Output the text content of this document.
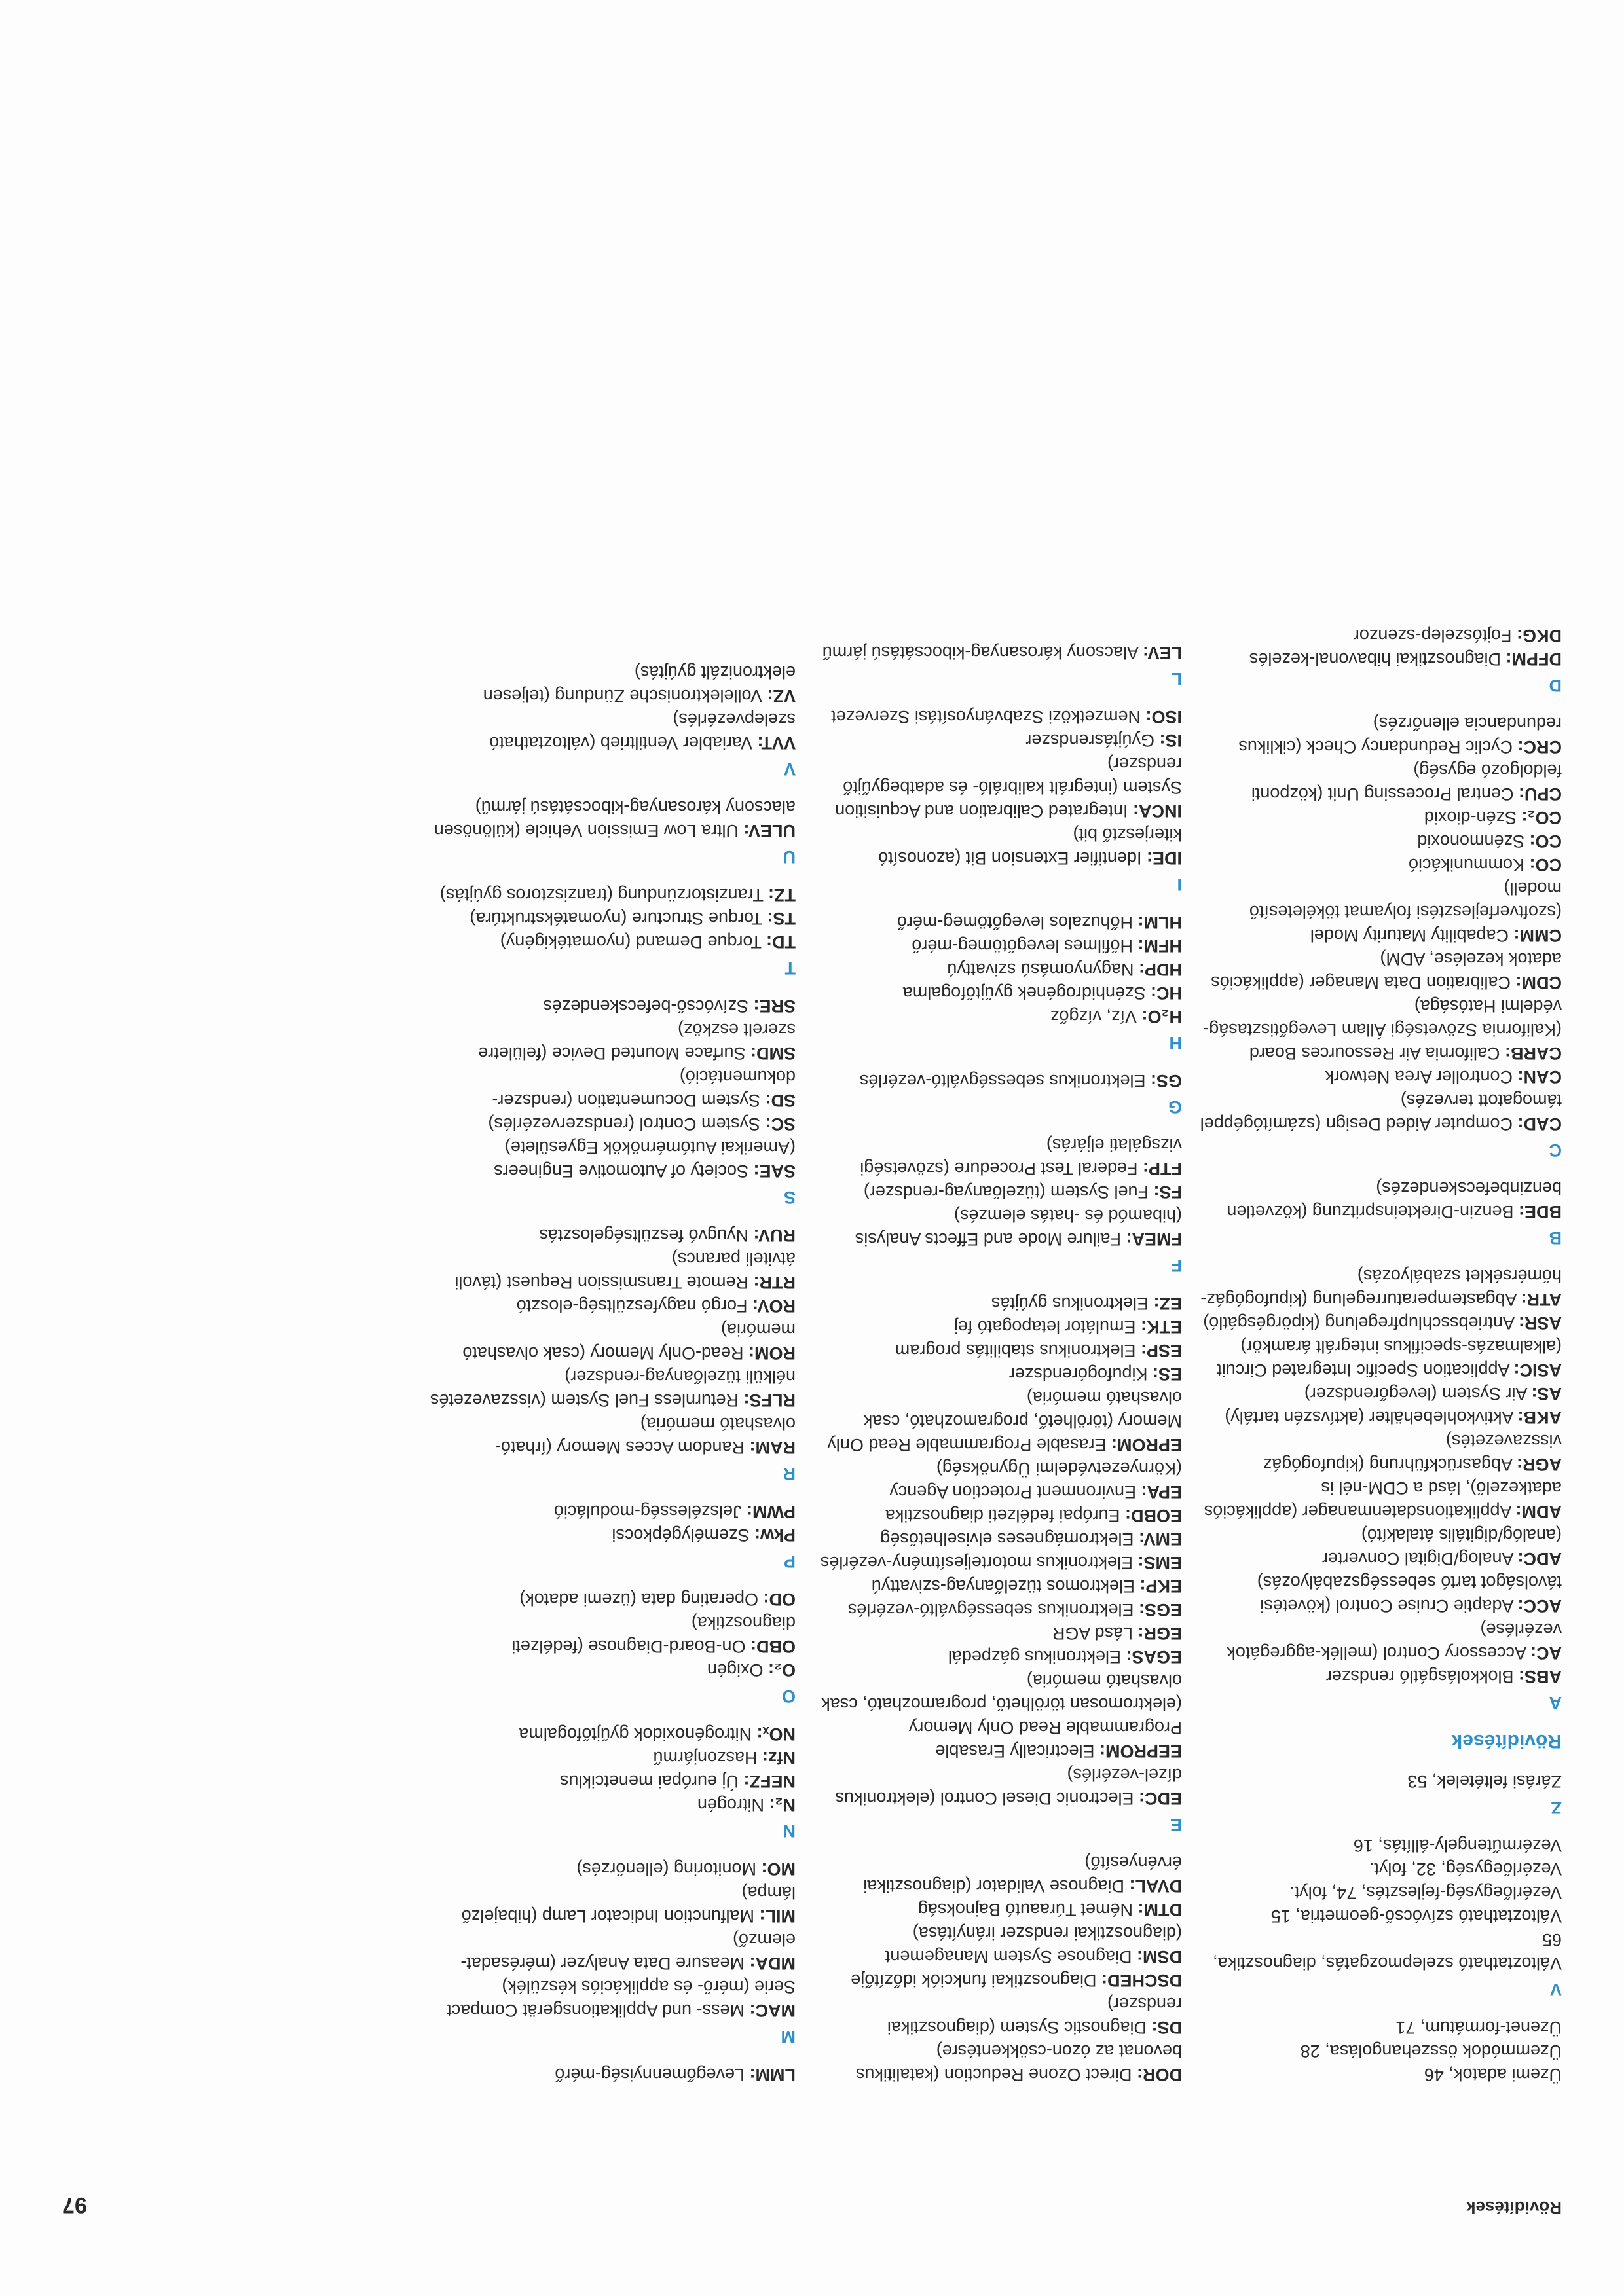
Rövidítések
97

Üzemi adatok, 46

Üzemmódok összehangolása, 28

Üzenet-formátum, 71

V

Változtatható szelepmozgatás, diagnosztika, 65

Változtatható szívócső-geometria, 15

Vezérlőegység-fejlesztés, 74, folyt.

Vezérlőegység, 32, folyt.

Vezérműtengely-állítás, 16

Z

Zárási feltételek, 53

Rövidítések
A

ABS: Blokkolásgátló rendszer

AC: Accessory Control (mellék-aggregátok vezérlése)

ACC: Adaptie Cruise Control (követési távolságot tartó sebességszabályozás)

ADC: Analog/Digital Converter (analóg/digitális átalakító)

ADM: Applikationsdatenmanager (applikációs adatkezelő), lásd a CDM-nél is

AGR: Abgasrückführung (kipufogógáz visszavezetés)

AKB: Aktivkohlebehälter (aktívszén tartály)

AS: Air System (levegőrendszer)

ASIC: Application Specific Integrated Circuit (alkalmazás-specifikus integrált áramkör)

ASR: Antriebsschlupfregelung (kipörgésgátló)

ATR: Abgastemperaturregelung (kipufogógáz-hőmérséklet szabályozás)

B

BDE: Benzin-Direkteinspritzung (közvetlen benzinbefecskendezés)

C

CAD: Computer Aided Design (számítógéppel támogatott tervezés)

CAN: Controller Area Network

CARB: California Air Ressources Board (Kalifornia Szövetségi Állam Levegőtisztaság-védelmi Hatósága)

CDM: Calibration Data Manager (applikációs adatok kezelése, ADM)

CMM: Capability Maturity Model (szoftverfejlesztési folyamat tökéletesítő modell)

CO: Kommunikáció

CO: Szénmonoxid

CO₂: Szén-dioxid

CPU: Central Processing Unit (központi feldolgozó egység)

CRC: Cyclic Redundancy Check (ciklikus redundancia ellenőrzés)

D

DFPM: Diagnosztikai hibavonal-kezelés

DKG: Fojtószelep-szenzor

DOR: Direct Ozone Reduction (katalitikus bevonat az ózon-csökkentésre)

DS: Diagnostic System (diagnosztikai rendszer)

DSCHED: Diagnosztikai funkciók időzítője

DSM: Diagnose System Management (diagnosztikai rendszer irányítása)

DTM: Német Túraautó Bajnokság

DVAL: Diagnose Validator (diagnosztikai érvényesítő)

E

EDC: Electronic Diesel Control (elektronikus dízel-vezérlés)

EEPROM: Electrically Erasable Programmable Read Only Memory (elektromosan törölhető, programozható, csak olvasható memória)

EGAS: Elektronikus gázpedál

EGR: Lásd AGR

EGS: Elektronikus sebességváltó-vezérlés

EKP: Elektromos tüzelőanyag-szivattyú

EMS: Elektronikus motorteljesítmény-vezérlés

EMV: Elektromágneses elviselhetőség

EOBD: Európai fedélzeti diagnosztika

EPA: Environment Protection Agency (Környezetvédelmi Ügynökség)

EPROM: Erasable Programmable Read Only Memory (törölhető, programozható, csak olvasható memória)

ES: Kipufogórendszer

ESP: Elektronikus stabilitás program

ETK: Emulátor letapogató fej

EZ: Elektronikus gyújtás

F

FMEA: Failure Mode and Effects Analysis (hibamód és -hatás elemzés)

FS: Fuel System (tüzelőanyag-rendszer)

FTP: Federal Test Procedure (szövetségi vizsgálati eljárás)

G

GS: Elektronikus sebességváltó-vezérlés

H

H₂O: Víz, vízgőz

HC: Szénhidrogének gyűjtőfogalma

HDP: Nagynyomású szivattyú

HFM: Hőfilmes levegőtömeg-mérő

HLM: Hőhuzalos levegőtömeg-mérő

I

IDE: Identifier Extension Bit (azonosító kiterjesztő bit)

INCA: Integrated Calibration and Acquisition System (integrált kalibráló- és adatbegyűjtő rendszer)

IS: Gyújtásrendszer

ISO: Nemzetközi Szabványosítási Szervezet

L

LEV: Alacsony károsanyag-kibocsátású jármű

LMM: Levegőmennyiség-mérő

M

MAC: Mess- und Applikationsgerät Compact Serie (mérő- és applikációs készülék)

MDA: Measure Data Analyzer (mérésadat-elemző)

MIL: Malfunction Indicator Lamp (hibajelző lámpa)

MO: Monitoring (ellenőrzés)

N

N₂: Nitrogén

NEFZ: Új európai menetciklus

Nfz: Haszonjármű

NOₓ: Nitrogénoxidok gyűjtőfogalma

O

O₂: Oxigén

OBD: On-Board-Diagnose (fedélzeti diagnosztika)

OD: Operating data (üzemi adatok)

P

Pkw: Személygépkocsi

PWM: Jelszélesség-moduláció

R

RAM: Random Acces Memory (írható-olvasható memória)

RLFS: Returnless Fuel System (visszavezetés nélküli tüzelőanyag-rendszer)

ROM: Read-Only Memory (csak olvasható memória)

ROV: Forgó nagyfeszültség-elosztó

RTR: Remote Transmission Request (távoli átviteli parancs)

RUV: Nyugvó feszültségelosztás

S

SAE: Society of Automotive Engineers (Amerikai Autómérnökök Egyesülete)

SC: System Control (rendszervezérlés)

SD: System Documentation (rendszer-dokumentáció)

SMD: Surface Mounted Device (felületre szerelt eszköz)

SRE: Szívócső-befecskendezés

T

TD: Torque Demand (nyomatékigény)

TS: Torque Structure (nyomatékstruktúra)

TZ: Tranzistorzündung (tranzisztoros gyújtás)

U

ULEV: Ultra Low Emission Vehicle (különösen alacsony károsanyag-kibocsátású jármű)

V

VVT: Variabler Ventiltrieb (változtatható szelepvezérlés)

VZ: Vollelektronische Zündung (teljesen elektronizált gyújtás)
